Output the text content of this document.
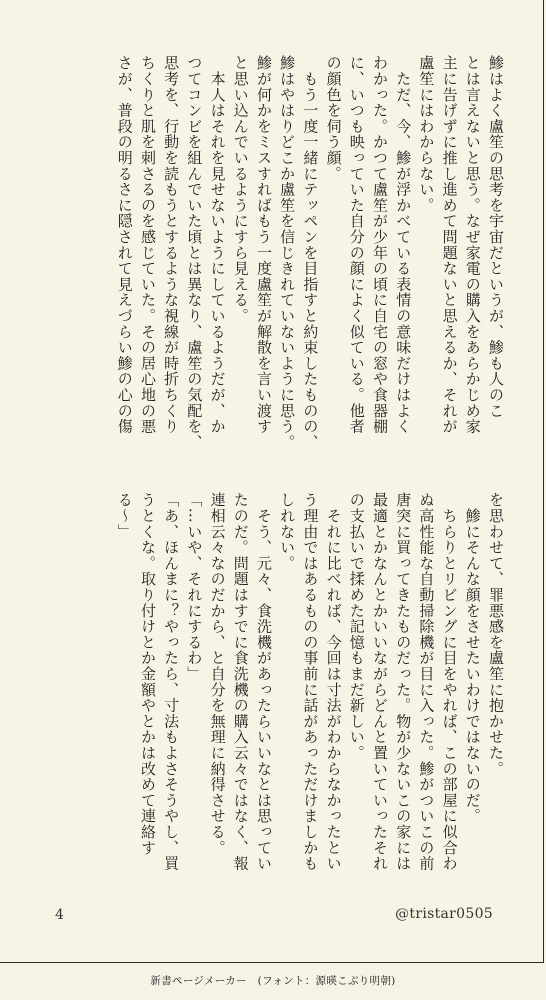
鯵はよく盧笙の思考を宇宙だというが、鯵も人のこ

とは言えないと思う。なぜ家電の購入をあらかじめ家

主に告げずに推し進めて問題ないと思えるか、それが

盧笙にはわからない。

　ただ、今、鯵が浮かべている表情の意味だけはよく

わかった。かつて盧笙が少年の頃に自宅の窓や食器棚

に、いつも映っていた自分の顔によく似ている。他者

の顔色を伺う顔。

　もう一度一緒にテッペンを目指すと約束したものの、

鯵はやはりどこか盧笙を信じきれていないように思う。

鯵が何かをミスすればもう一度盧笙が解散を言い渡す

と思い込んでいるようにすら見える。

　本人はそれを見せないようにしているようだが、か

つてコンビを組んでいた頃とは異なり、盧笙の気配を、

思考を、行動を読もうとするような視線が時折ちくり

ちくりと肌を刺さるのを感じていた。その居心地の悪

さが、普段の明るさに隠されて見えづらい鯵の心の傷

を思わせて、罪悪感を盧笙に抱かせた。

　鯵にそんな顔をさせたいわけではないのだ。

　ちらりとリビングに目をやれば、この部屋に似合わ

ぬ高性能な自動掃除機が目に入った。鯵がついこの前

唐突に買ってきたものだった。物が少ないこの家には

最適とかなんとかいいながらどんと置いていったそれ

の支払いで揉めた記憶もまだ新しい。

　それに比べれば、今回は寸法がわからなかったとい

う理由ではあるものの事前に話があっただけましかも

しれない。

　そう、元々、食洗機があったらいいなとは思ってい

たのだ。問題はすでに食洗機の購入云々ではなく、報

連相云々なのだから、と自分を無理に納得させる。

「…いや、それにするわ」

「あ、ほんまに？やったら、寸法もよさそうやし、買

うとくな。取り付けとか金額やとかは改めて連絡す

る〜」

4	@tristar0505
新書ページメーカー　(フォント：源暎こぶり明朝)
